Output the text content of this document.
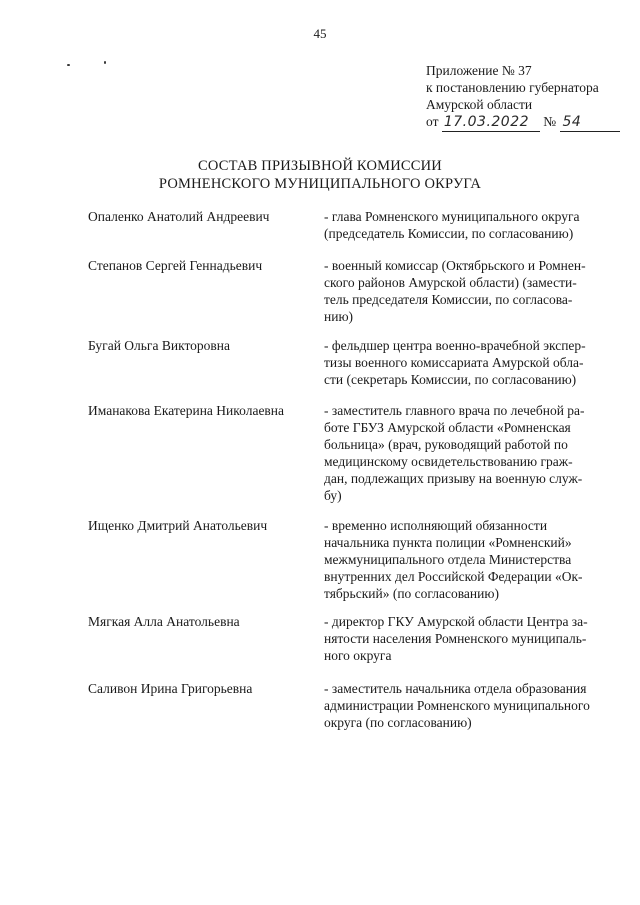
45
Приложение № 37
к постановлению губернатора
Амурской области
от 17.03.2022 № 54
СОСТАВ ПРИЗЫВНОЙ КОМИССИИ
РОМНЕНСКОГО МУНИЦИПАЛЬНОГО ОКРУГА
Опаленко Анатолий Андреевич	- глава Ромненского муниципального округа
(председатель Комиссии, по согласованию)
Степанов Сергей Геннадьевич	- военный комиссар (Октябрьского и Ромнен-
ского районов Амурской области) (замести-
тель председателя Комиссии, по согласова-
нию)
Бугай Ольга Викторовна	- фельдшер центра военно-врачебной экспер-
тизы военного комиссариата Амурской обла-
сти (секретарь Комиссии, по согласованию)
Иманакова Екатерина Николаевна	- заместитель главного врача по лечебной ра-
боте ГБУЗ Амурской области «Ромненская
больница» (врач, руководящий работой по
медицинскому освидетельствованию граж-
дан, подлежащих призыву на военную служ-
бу)
Ищенко Дмитрий Анатольевич	- временно исполняющий обязанности
начальника пункта полиции «Ромненский»
межмуниципального отдела Министерства
внутренних дел Российской Федерации «Ок-
тябрьский» (по согласованию)
Мягкая Алла Анатольевна	- директор ГКУ Амурской области Центра за-
нятости населения Ромненского муниципаль-
ного округа
Саливон Ирина Григорьевна	- заместитель начальника отдела образования
администрации Ромненского муниципального
округа (по согласованию)
